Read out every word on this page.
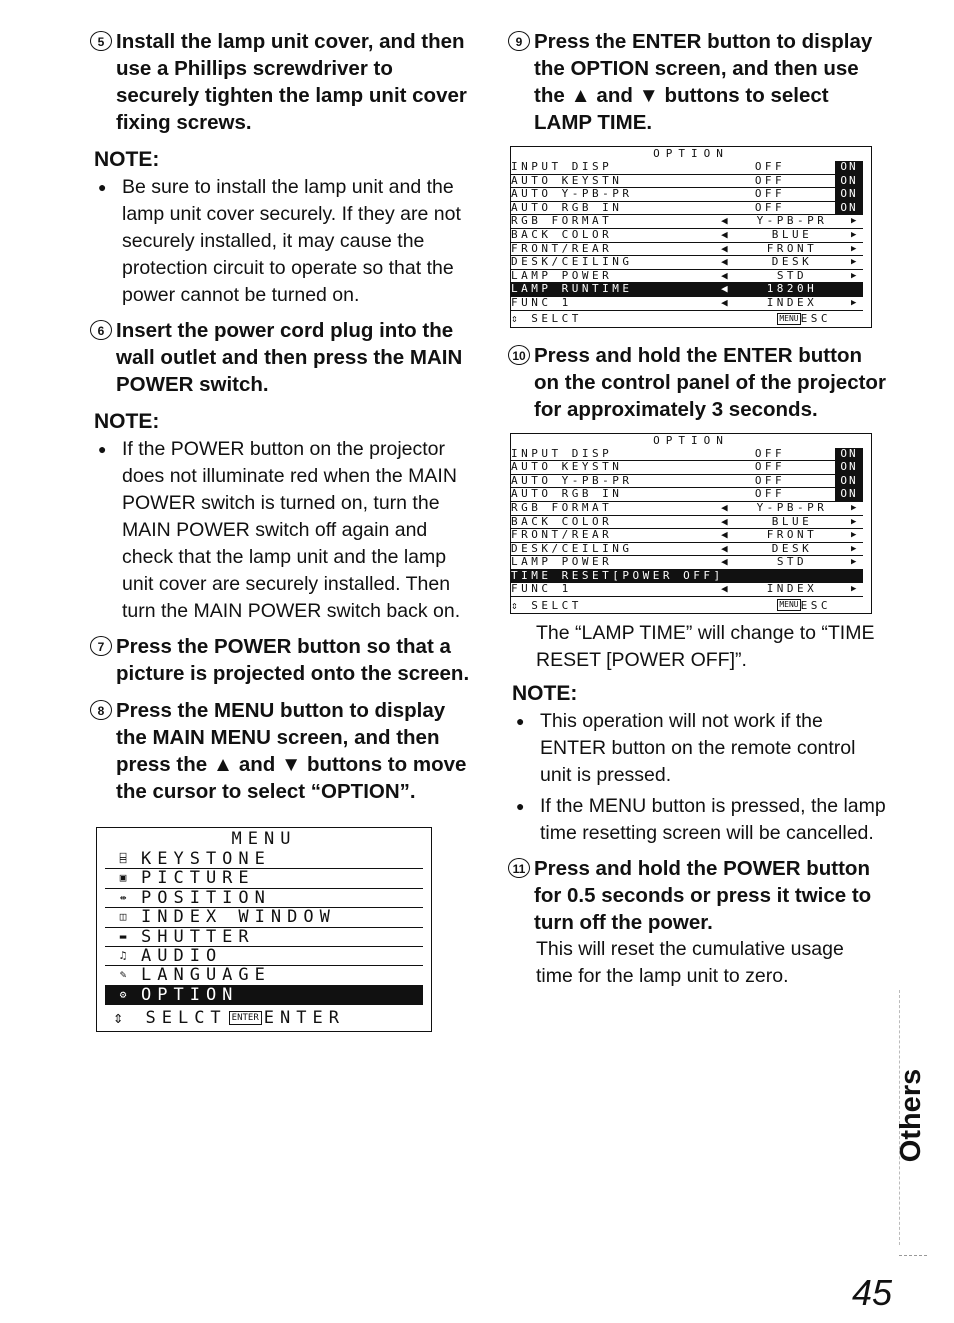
5 Install the lamp unit cover, and then use a Phillips screwdriver to securely tighten the lamp unit cover fixing screws.
NOTE:
● Be sure to install the lamp unit and the lamp unit cover securely. If they are not securely installed, it may cause the protection circuit to operate so that the power cannot be turned on.
6 Insert the power cord plug into the wall outlet and then press the MAIN POWER switch.
NOTE:
● If the POWER button on the projector does not illuminate red when the MAIN POWER switch is turned on, turn the MAIN POWER switch off again and check that the lamp unit and the lamp unit cover are securely installed. Then turn the MAIN POWER switch back on.
7 Press the POWER button so that a picture is projected onto the screen.
8 Press the MENU button to display the MAIN MENU screen, and then press the ▲ and ▼ buttons to move the cursor to select “OPTION”.
MENU
⌸ KEYSTONE
▣ PICTURE
⇹ POSITION
◫ INDEX WINDOW
▬ SHUTTER
♫ AUDIO
✎ LANGUAGE
⚙ OPTION
⇕ SELCT ENTER ENTER
9 Press the ENTER button to display the OPTION screen, and then use the ▲ and ▼ buttons to select LAMP TIME.
OPTION
INPUT DISP	OFF	ON
AUTO KEYSTN	OFF	ON
AUTO Y-PB-PR	OFF	ON
AUTO RGB IN	OFF	ON
RGB FORMAT	◀	Y-PB-PR	▶
BACK COLOR	◀	BLUE	▶
FRONT/REAR	◀	FRONT	▶
DESK/CEILING	◀	DESK	▶
LAMP POWER	◀	STD	▶
LAMP RUNTIME	◀	1820H
FUNC 1	◀	INDEX	▶
⇕ SELCT	MENU ESC
10 Press and hold the ENTER button on the control panel of the projector for approximately 3 seconds.
OPTION
INPUT DISP	OFF	ON
AUTO KEYSTN	OFF	ON
AUTO Y-PB-PR	OFF	ON
AUTO RGB IN	OFF	ON
RGB FORMAT	◀	Y-PB-PR	▶
BACK COLOR	◀	BLUE	▶
FRONT/REAR	◀	FRONT	▶
DESK/CEILING	◀	DESK	▶
LAMP POWER	◀	STD	▶
TIME RESET[POWER OFF]
FUNC 1	◀	INDEX	▶
⇕ SELCT	MENU ESC
The “LAMP TIME” will change to “TIME RESET [POWER OFF]”.
NOTE:
● This operation will not work if the ENTER button on the remote control unit is pressed.
● If the MENU button is pressed, the lamp time resetting screen will be cancelled.
11 Press and hold the POWER button for 0.5 seconds or press it twice to turn off the power.
This will reset the cumulative usage time for the lamp unit to zero.
Others
45
